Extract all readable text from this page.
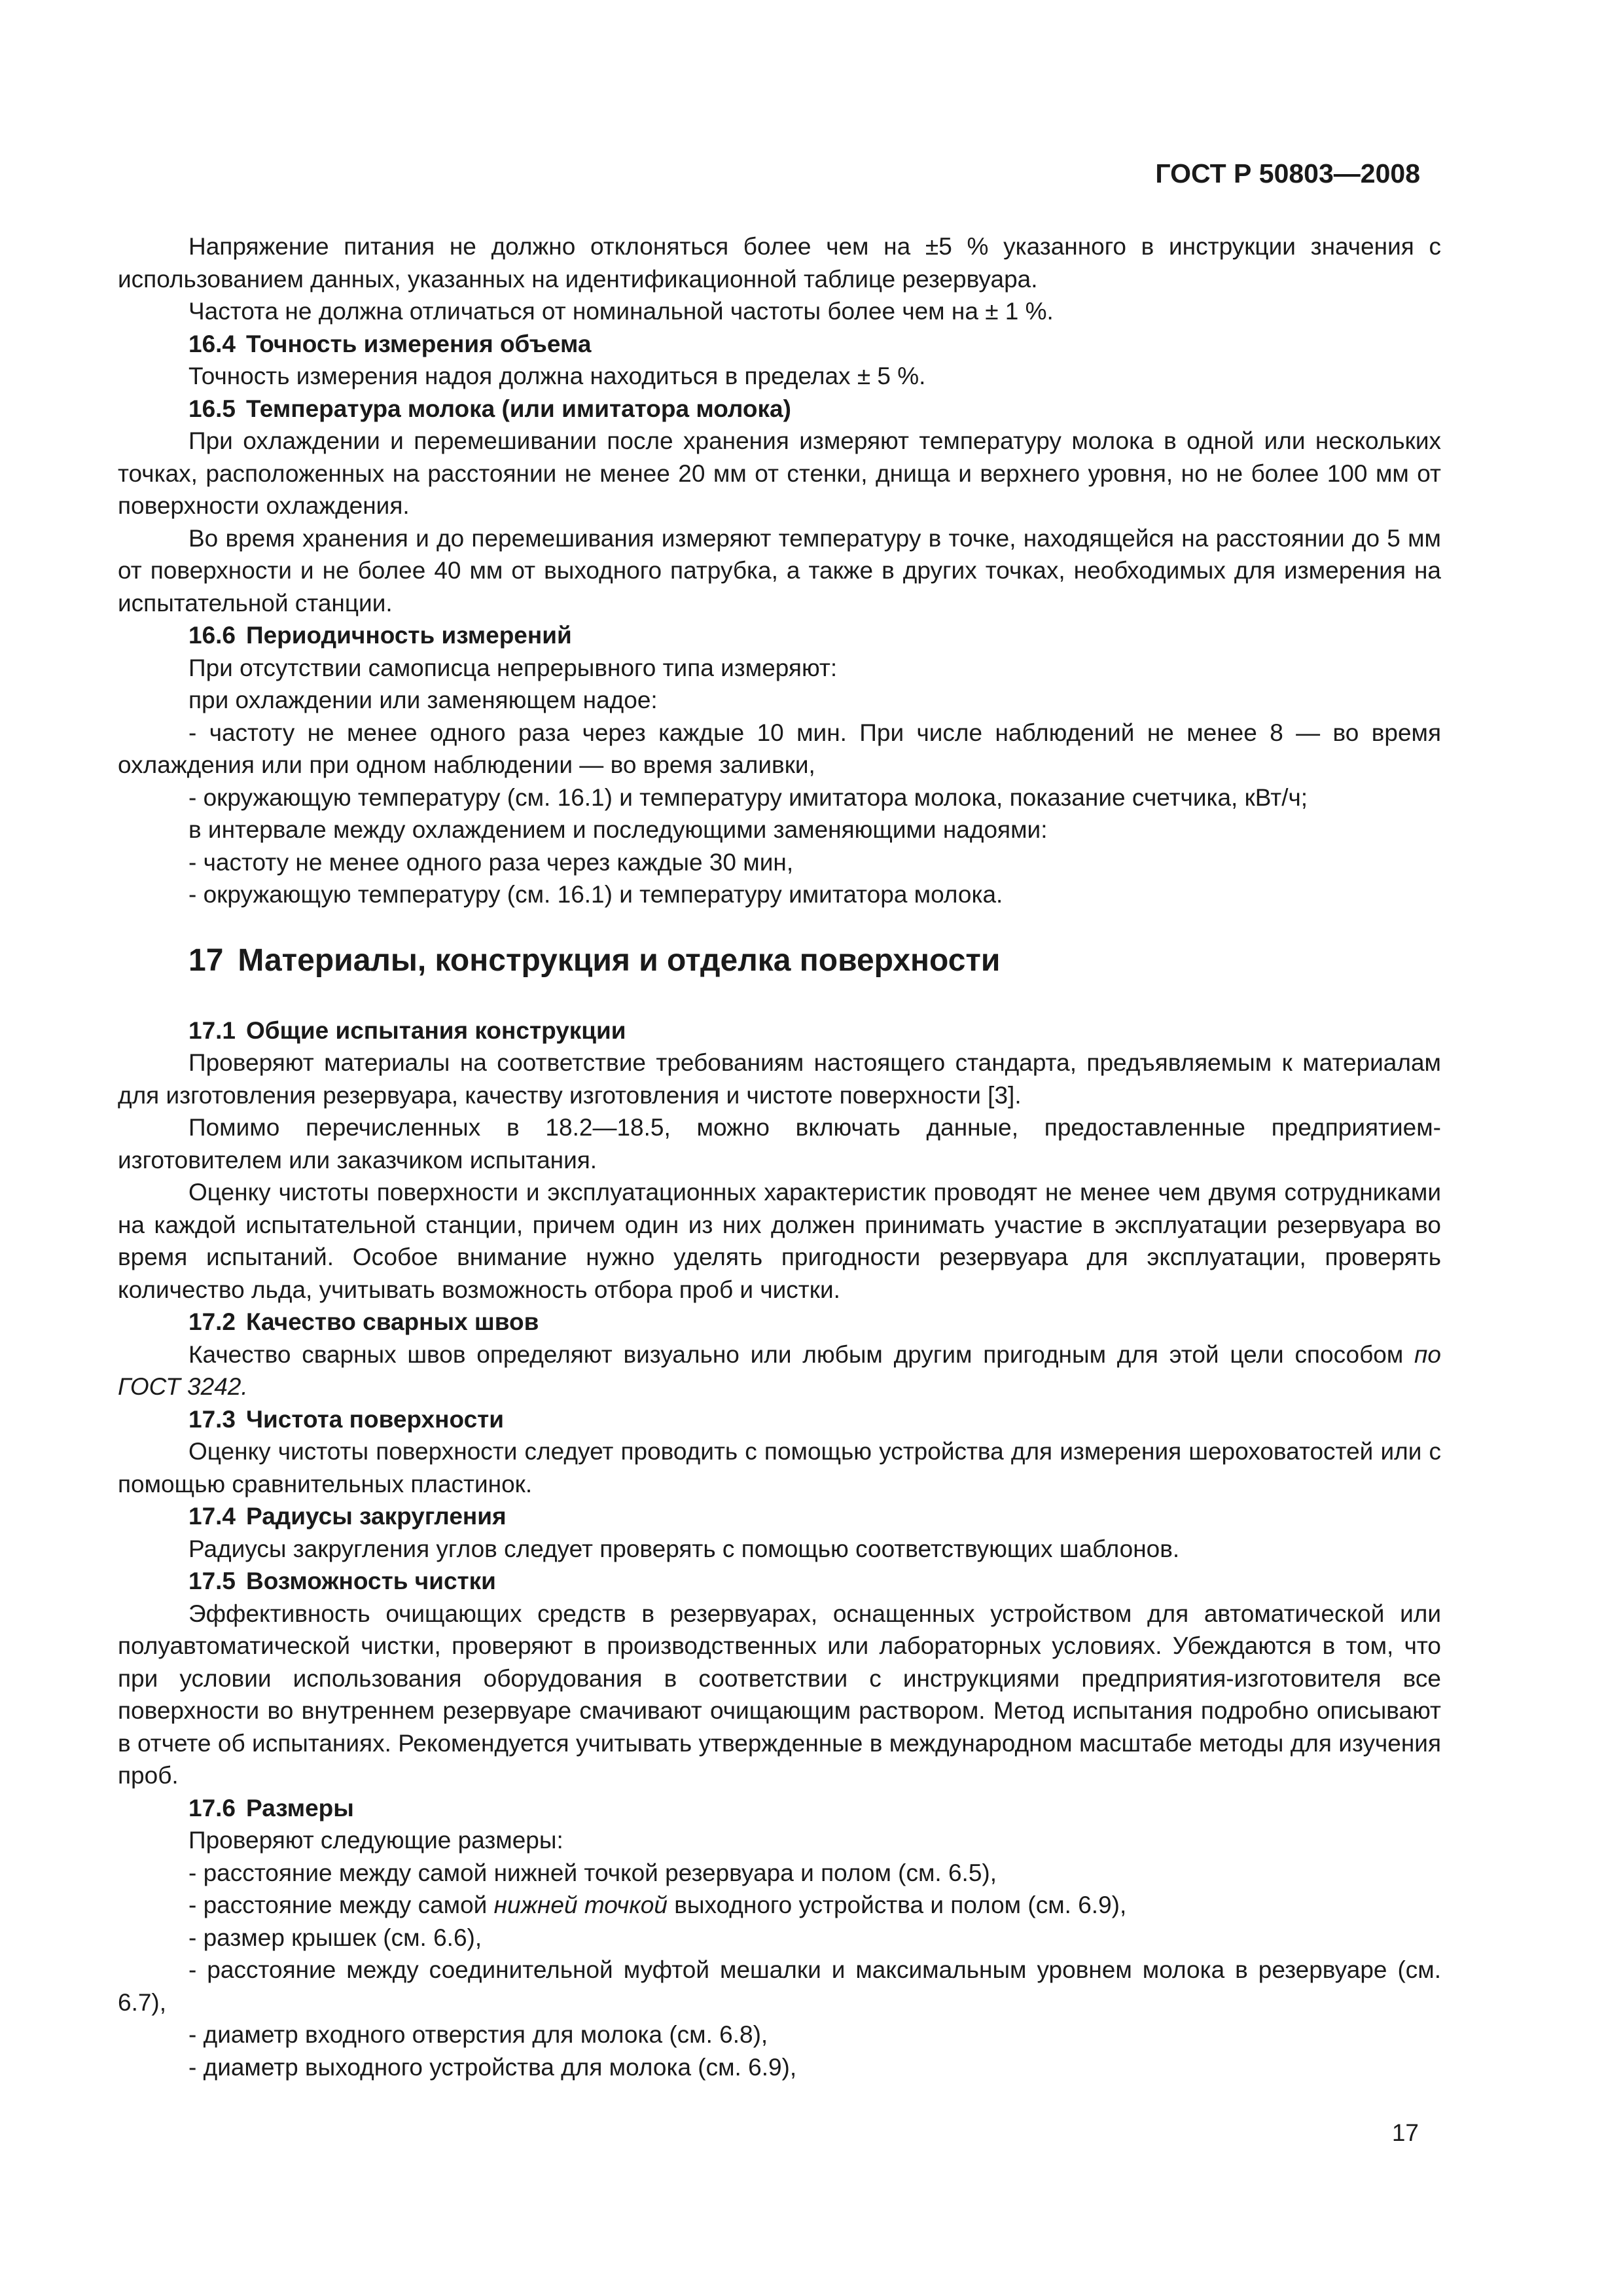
ГОСТ Р 50803—2008

Напряжение питания не должно отклоняться более чем на ±5 % указанного в инструкции значения с использованием данных, указанных на идентификационной таблице резервуара.

Частота не должна отличаться от номинальной частоты более чем на ± 1 %.

16.4 Точность измерения объема

Точность измерения надоя должна находиться в пределах ± 5 %.

16.5 Температура молока (или имитатора молока)

При охлаждении и перемешивании после хранения измеряют температуру молока в одной или нескольких точках, расположенных на расстоянии не менее 20 мм от стенки, днища и верхнего уровня, но не более 100 мм от поверхности охлаждения.

Во время хранения и до перемешивания измеряют температуру в точке, находящейся на расстоянии до 5 мм от поверхности и не более 40 мм от выходного патрубка, а также в других точках, необходимых для измерения на испытательной станции.

16.6 Периодичность измерений

При отсутствии самописца непрерывного типа измеряют:

при охлаждении или заменяющем надое:

- частоту не менее одного раза через каждые 10 мин. При числе наблюдений не менее 8 — во время охлаждения или при одном наблюдении — во время заливки,

- окружающую температуру (см. 16.1) и температуру имитатора молока, показание счетчика, кВт/ч;

в интервале между охлаждением и последующими заменяющими надоями:

- частоту не менее одного раза через каждые 30 мин,

- окружающую температуру (см. 16.1) и температуру имитатора молока.

17 Материалы, конструкция и отделка поверхности

17.1 Общие испытания конструкции

Проверяют материалы на соответствие требованиям настоящего стандарта, предъявляемым к материалам для изготовления резервуара, качеству изготовления и чистоте поверхности [3].

Помимо перечисленных в 18.2—18.5, можно включать данные, предоставленные предприятием-изготовителем или заказчиком испытания.

Оценку чистоты поверхности и эксплуатационных характеристик проводят не менее чем двумя сотрудниками на каждой испытательной станции, причем один из них должен принимать участие в эксплуатации резервуара во время испытаний. Особое внимание нужно уделять пригодности резервуара для эксплуатации, проверять количество льда, учитывать возможность отбора проб и чистки.

17.2 Качество сварных швов

Качество сварных швов определяют визуально или любым другим пригодным для этой цели способом по ГОСТ 3242.

17.3 Чистота поверхности

Оценку чистоты поверхности следует проводить с помощью устройства для измерения шероховатостей или с помощью сравнительных пластинок.

17.4 Радиусы закругления

Радиусы закругления углов следует проверять с помощью соответствующих шаблонов.

17.5 Возможность чистки

Эффективность очищающих средств в резервуарах, оснащенных устройством для автоматической или полуавтоматической чистки, проверяют в производственных или лабораторных условиях. Убеждаются в том, что при условии использования оборудования в соответствии с инструкциями предприятия-изготовителя все поверхности во внутреннем резервуаре смачивают очищающим раствором. Метод испытания подробно описывают в отчете об испытаниях. Рекомендуется учитывать утвержденные в международном масштабе методы для изучения проб.

17.6 Размеры

Проверяют следующие размеры:

- расстояние между самой нижней точкой резервуара и полом (см. 6.5),

- расстояние между самой нижней точкой выходного устройства и полом (см. 6.9),

- размер крышек (см. 6.6),

- расстояние между соединительной муфтой мешалки и максимальным уровнем молока в резервуаре (см. 6.7),

- диаметр входного отверстия для молока (см. 6.8),

- диаметр выходного устройства для молока (см. 6.9),

17
